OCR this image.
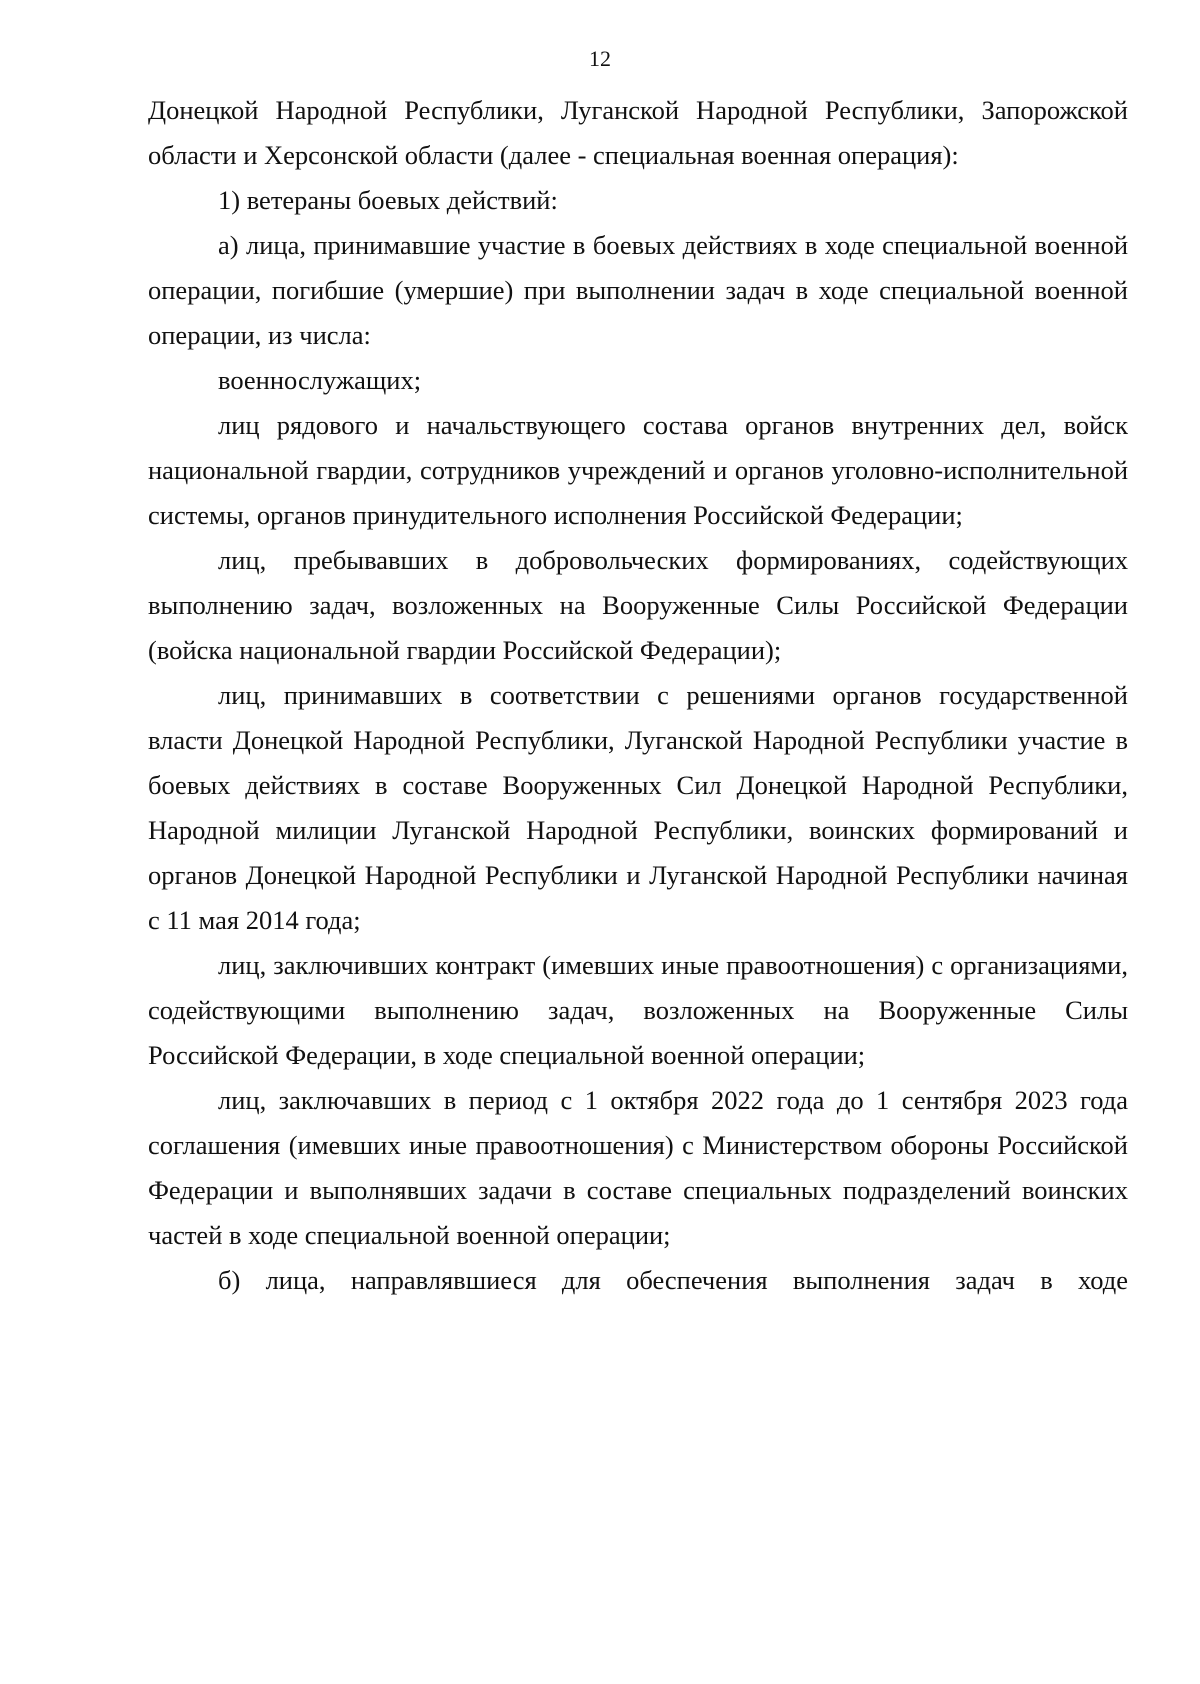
12

Донецкой Народной Республики, Луганской Народной Республики, Запорожской области и Херсонской области (далее - специальная военная операция):

1) ветераны боевых действий:

а) лица, принимавшие участие в боевых действиях в ходе специальной военной операции, погибшие (умершие) при выполнении задач в ходе специальной военной операции, из числа:

военнослужащих;

лиц рядового и начальствующего состава органов внутренних дел, войск национальной гвардии, сотрудников учреждений и органов уголовно-исполнительной системы, органов принудительного исполнения Российской Федерации;

лиц, пребывавших в добровольческих формированиях, содействующих выполнению задач, возложенных на Вооруженные Силы Российской Федерации (войска национальной гвардии Российской Федерации);

лиц, принимавших в соответствии с решениями органов государственной власти Донецкой Народной Республики, Луганской Народной Республики участие в боевых действиях в составе Вооруженных Сил Донецкой Народной Республики, Народной милиции Луганской Народной Республики, воинских формирований и органов Донецкой Народной Республики и Луганской Народной Республики начиная с 11 мая 2014 года;

лиц, заключивших контракт (имевших иные правоотношения) с организациями, содействующими выполнению задач, возложенных на Вооруженные Силы Российской Федерации, в ходе специальной военной операции;

лиц, заключавших в период с 1 октября 2022 года до 1 сентября 2023 года соглашения (имевших иные правоотношения) с Министерством обороны Российской Федерации и выполнявших задачи в составе специальных подразделений воинских частей в ходе специальной военной операции;

б) лица, направлявшиеся для обеспечения выполнения задач в ходе
